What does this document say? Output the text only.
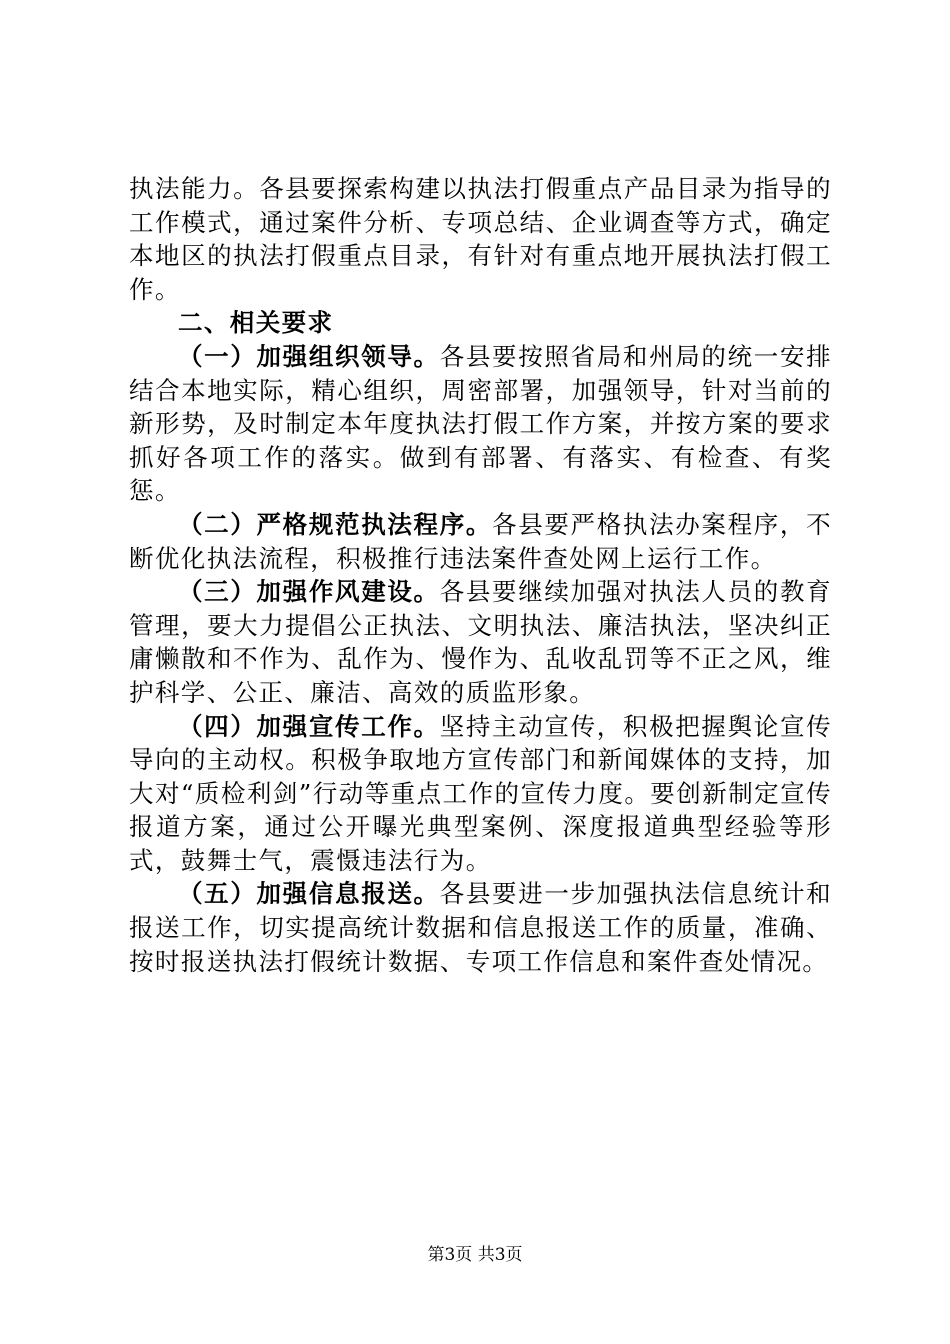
执法能力。各县要探索构建以执法打假重点产品目录为指导的工作模式，通过案件分析、专项总结、企业调查等方式，确定本地区的执法打假重点目录，有针对有重点地开展执法打假工作。

二、相关要求

（一）加强组织领导。各县要按照省局和州局的统一安排结合本地实际，精心组织，周密部署，加强领导，针对当前的新形势，及时制定本年度执法打假工作方案，并按方案的要求抓好各项工作的落实。做到有部署、有落实、有检查、有奖惩。

（二）严格规范执法程序。各县要严格执法办案程序，不断优化执法流程，积极推行违法案件查处网上运行工作。

（三）加强作风建设。各县要继续加强对执法人员的教育管理，要大力提倡公正执法、文明执法、廉洁执法，坚决纠正庸懒散和不作为、乱作为、慢作为、乱收乱罚等不正之风，维护科学、公正、廉洁、高效的质监形象。

（四）加强宣传工作。坚持主动宣传，积极把握舆论宣传导向的主动权。积极争取地方宣传部门和新闻媒体的支持，加大对“质检利剑”行动等重点工作的宣传力度。要创新制定宣传报道方案，通过公开曝光典型案例、深度报道典型经验等形式，鼓舞士气，震慑违法行为。

（五）加强信息报送。各县要进一步加强执法信息统计和报送工作，切实提高统计数据和信息报送工作的质量，准确、按时报送执法打假统计数据、专项工作信息和案件查处情况。

第3页 共3页
